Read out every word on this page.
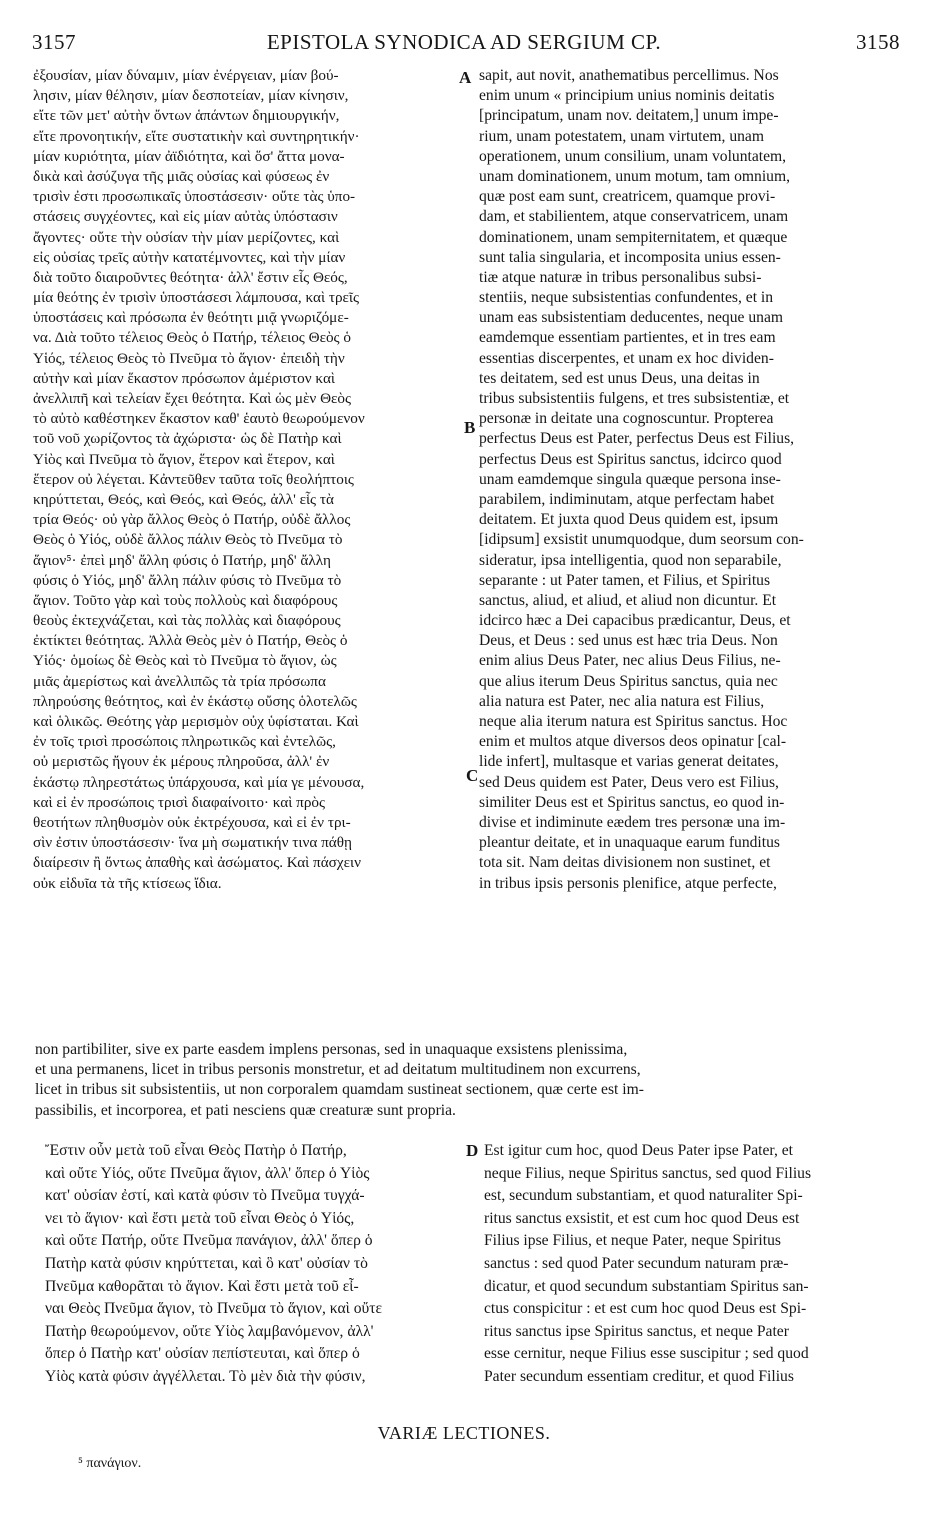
3157	EPISTOLA SYNODICA AD SERGIUM CP.	3158
ἐξουσίαν, μίαν δύναμιν, μίαν ἐνέργειαν, μίαν βού-
λησιν, μίαν θέλησιν, μίαν δεσποτείαν, μίαν κίνησιν,
εἴτε τῶν μετ' αὐτὴν ὄντων ἁπάντων δημιουργικήν,
εἴτε προνοητικήν, εἴτε συστατικὴν καὶ συντηρητικήν·
μίαν κυριότητα, μίαν ἀϊδιότητα, καὶ ὅσ' ἄττα μονα-
δικὰ καὶ ἀσύζυγα τῆς μιᾶς οὐσίας καὶ φύσεως ἐν
τρισὶν ἐστι προσωπικαῖς ὑποστάσεσιν· οὔτε τὰς ὑπο-
στάσεις συγχέοντες, καὶ εἰς μίαν αὐτὰς ὑπόστασιν
ἄγοντες· οὔτε τὴν οὐσίαν τὴν μίαν μερίζοντες, καὶ
εἰς οὐσίας τρεῖς αὐτὴν κατατέμνοντες, καὶ τὴν μίαν
διὰ τοῦτο διαιροῦντες θεότητα· ἀλλ' ἔστιν εἷς Θεός,
μία θεότης ἐν τρισὶν ὑποστάσεσι λάμπουσα, καὶ τρεῖς
ὑποστάσεις καὶ πρόσωπα ἐν θεότητι μιᾷ γνωριζόμε-
να. Διὰ τοῦτο τέλειος Θεὸς ὁ Πατήρ, τέλειος Θεὸς ὁ
Υἱός, τέλειος Θεὸς τὸ Πνεῦμα τὸ ἅγιον· ἐπειδὴ τὴν
αὐτὴν καὶ μίαν ἕκαστον πρόσωπον ἀμέριστον καὶ
ἀνελλιπῆ καὶ τελείαν ἔχει θεότητα. Καὶ ὡς μὲν Θεὸς
τὸ αὐτὸ καθέστηκεν ἕκαστον καθ' ἑαυτὸ θεωρούμενον
τοῦ νοῦ χωρίζοντος τὰ ἀχώριστα· ὡς δὲ Πατὴρ καὶ
Υἱὸς καὶ Πνεῦμα τὸ ἅγιον, ἕτερον καὶ ἕτερον, καὶ
ἕτερον οὐ λέγεται. Κἀντεῦθεν ταῦτα τοῖς θεολήπτοις
κηρύττεται, Θεός, καὶ Θεός, καὶ Θεός, ἀλλ' εἷς τὰ
τρία Θεός· οὐ γὰρ ἄλλος Θεὸς ὁ Πατήρ, οὐδὲ ἄλλος
Θεὸς ὁ Υἱός, οὐδὲ ἄλλος πάλιν Θεὸς τὸ Πνεῦμα τὸ
ἅγιον⁵· ἐπεὶ μηδ' ἄλλη φύσις ὁ Πατήρ, μηδ' ἄλλη
φύσις ὁ Υἱός, μηδ' ἄλλη πάλιν φύσις τὸ Πνεῦμα τὸ
ἅγιον. Τοῦτο γὰρ καὶ τοὺς πολλοὺς καὶ διαφόρους
θεοὺς ἐκτεχνάζεται, καὶ τὰς πολλὰς καὶ διαφόρους
ἐκτίκτει θεότητας. Ἀλλὰ Θεὸς μὲν ὁ Πατήρ, Θεὸς ὁ
Υἱός· ὁμοίως δὲ Θεὸς καὶ τὸ Πνεῦμα τὸ ἅγιον, ὡς
μιᾶς ἀμερίστως καὶ ἀνελλιπῶς τὰ τρία πρόσωπα
πληρούσης θεότητος, καὶ ἐν ἑκάστῳ οὔσης ὁλοτελῶς
καὶ ὁλικῶς. Θεότης γὰρ μερισμὸν οὐχ ὑφίσταται. Καὶ
ἐν τοῖς τρισὶ προσώποις πληρωτικῶς καὶ ἐντελῶς,
οὐ μεριστῶς ἤγουν ἐκ μέρους πληροῦσα, ἀλλ' ἐν
ἑκάστῳ πληρεστάτως ὑπάρχουσα, καὶ μία γε μένουσα,
καὶ εἰ ἐν προσώποις τρισὶ διαφαίνοιτο· καὶ πρὸς
θεοτήτων πληθυσμὸν οὐκ ἐκτρέχουσα, καὶ εἰ ἐν τρι-
σὶν ἐστιν ὑποστάσεσιν· ἵνα μὴ σωματικήν τινα πάθῃ
διαίρεσιν ἢ ὄντως ἀπαθὴς καὶ ἀσώματος. Καὶ πάσχειν
οὐκ εἰδυῖα τὰ τῆς κτίσεως ἴδια.
sapit, aut novit, anathematibus percellimus. Nos
enim unum « principium unius nominis deitatis
[principatum, unam nov. deitatem,] unum impe-
rium, unam potestatem, unam virtutem, unam
operationem, unum consilium, unam voluntatem,
unam dominationem, unum motum, tam omnium,
quæ post eam sunt, creatricem, quamque provi-
dam, et stabilientem, atque conservatricem, unam
dominationem, unam sempiternitatem, et quæque
sunt talia singularia, et incomposita unius essen-
tiæ atque naturæ in tribus personalibus subsi-
stentiis, neque subsistentias confundentes, et in
unam eas subsistentiam deducentes, neque unam
eamdemque essentiam partientes, et in tres eam
essentias discerpentes, et unam ex hoc dividen-
tes deitatem, sed est unus Deus, una deitas in
tribus subsistentiis fulgens, et tres subsistentiæ, et
personæ in deitate una cognoscuntur. Propterea
perfectus Deus est Pater, perfectus Deus est Filius,
perfectus Deus est Spiritus sanctus, idcirco quod
unam eamdemque singula quæque persona inse-
parabilem, indiminutam, atque perfectam habet
deitatem. Et juxta quod Deus quidem est, ipsum
[idipsum] exsistit unumquodque, dum seorsum con-
sideratur, ipsa intelligentia, quod non separabile,
separante : ut Pater tamen, et Filius, et Spiritus
sanctus, aliud, et aliud, et aliud non dicuntur. Et
idcirco hæc a Dei capacibus prædicantur, Deus, et
Deus, et Deus : sed unus est hæc tria Deus. Non
enim alius Deus Pater, nec alius Deus Filius, ne-
que alius iterum Deus Spiritus sanctus, quia nec
alia natura est Pater, nec alia natura est Filius,
neque alia iterum natura est Spiritus sanctus. Hoc
enim et multos atque diversos deos opinatur [cal-
lide infert], multasque et varias generat deitates,
sed Deus quidem est Pater, Deus vero est Filius,
similiter Deus est et Spiritus sanctus, eo quod in-
divise et indiminute eædem tres personæ una im-
pleantur deitate, et in unaquaque earum funditus
tota sit. Nam deitas divisionem non sustinet, et
in tribus ipsis personis plenifice, atque perfecte,
A
B
C
D
non partibiliter, sive ex parte easdem implens personas, sed in unaquaque exsistens plenissima,
et una permanens, licet in tribus personis monstretur, et ad deitatum multitudinem non excurrens,
licet in tribus sit subsistentiis, ut non corporalem quamdam sustineat sectionem, quæ certe est im-
passibilis, et incorporea, et pati nesciens quæ creaturæ sunt propria.
Ἔστιν οὖν μετὰ τοῦ εἶναι Θεὸς Πατὴρ ὁ Πατήρ,
καὶ οὔτε Υἱός, οὔτε Πνεῦμα ἅγιον, ἀλλ' ὅπερ ὁ Υἱὸς
κατ' οὐσίαν ἐστί, καὶ κατὰ φύσιν τὸ Πνεῦμα τυγχά-
νει τὸ ἅγιον· καὶ ἔστι μετὰ τοῦ εἶναι Θεὸς ὁ Υἱός,
καὶ οὔτε Πατήρ, οὔτε Πνεῦμα πανάγιον, ἀλλ' ὅπερ ὁ
Πατὴρ κατὰ φύσιν κηρύττεται, καὶ ὃ κατ' οὐσίαν τὸ
Πνεῦμα καθορᾶται τὸ ἅγιον. Καὶ ἔστι μετὰ τοῦ εἶ-
ναι Θεὸς Πνεῦμα ἅγιον, τὸ Πνεῦμα τὸ ἅγιον, καὶ οὔτε
Πατὴρ θεωρούμενον, οὔτε Υἱὸς λαμβανόμενον, ἀλλ'
ὅπερ ὁ Πατὴρ κατ' οὐσίαν πεπίστευται, καὶ ὅπερ ὁ
Υἱὸς κατὰ φύσιν ἀγγέλλεται. Τὸ μὲν διὰ τὴν φύσιν,
Est igitur cum hoc, quod Deus Pater ipse Pater, et
neque Filius, neque Spiritus sanctus, sed quod Filius
est, secundum substantiam, et quod naturaliter Spi-
ritus sanctus exsistit, et est cum hoc quod Deus est
Filius ipse Filius, et neque Pater, neque Spiritus
sanctus : sed quod Pater secundum naturam præ-
dicatur, et quod secundum substantiam Spiritus san-
ctus conspicitur : et est cum hoc quod Deus est Spi-
ritus sanctus ipse Spiritus sanctus, et neque Pater
esse cernitur, neque Filius esse suscipitur ; sed quod
Pater secundum essentiam creditur, et quod Filius
VARIÆ LECTIONES.
⁵ πανάγιον.
